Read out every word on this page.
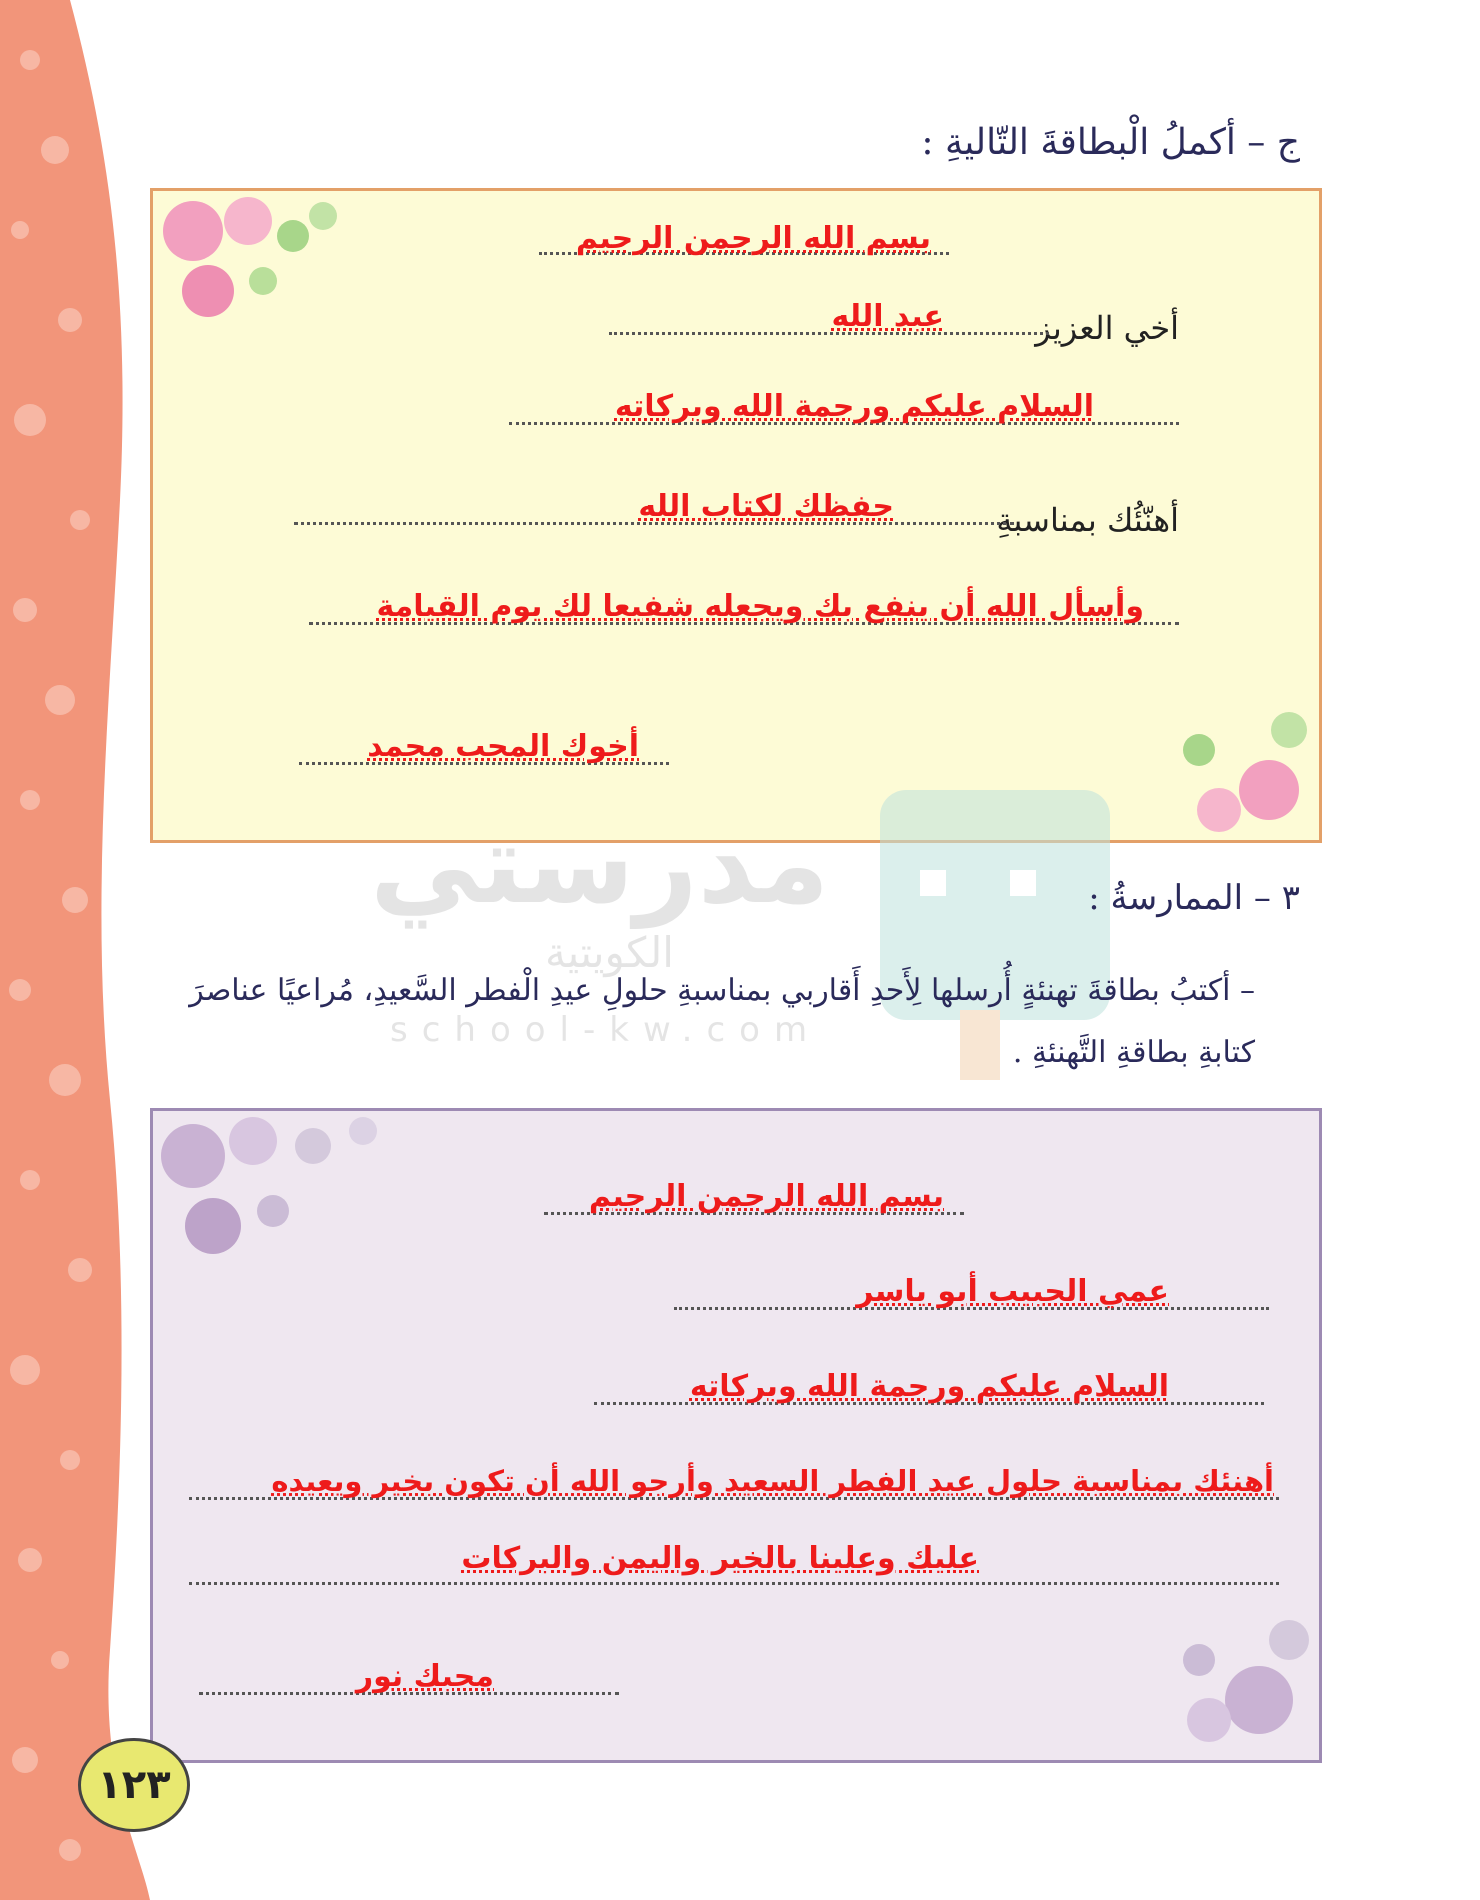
ج – أكملُ الْبطاقةَ التّاليةِ :
بسم الله الرحمن الرحيم
أخي العزيز
عبد الله
السلام عليكم ورحمة الله وبركاته
أهنّئُك بمناسبةِ
حفظك لكتاب الله
وأسأل الله أن ينفع بك ويجعله شفيعا لك يوم القيامة
أخوك المحب محمد
مدرستي
الكويتية
school-kw.com
٣ – الممارسةُ :
– أكتبُ بطاقةَ تهنئةٍ أُرسلها لِأَحدِ أَقاربي بمناسبةِ حلولِ عيدِ الْفطر السَّعيدِ، مُراعيًا عناصرَ كتابةِ بطاقةِ التَّهنئةِ .
بسم الله الرحمن الرحيم
عمي الحبيب أبو ياسر
السلام عليكم ورحمة الله وبركاته
أهنئك بمناسبة حلول عيد الفطر السعيد وأرجو الله أن تكون بخير ويعيده
عليك وعلينا بالخير واليمن والبركات
محبك نور
١٢٣
